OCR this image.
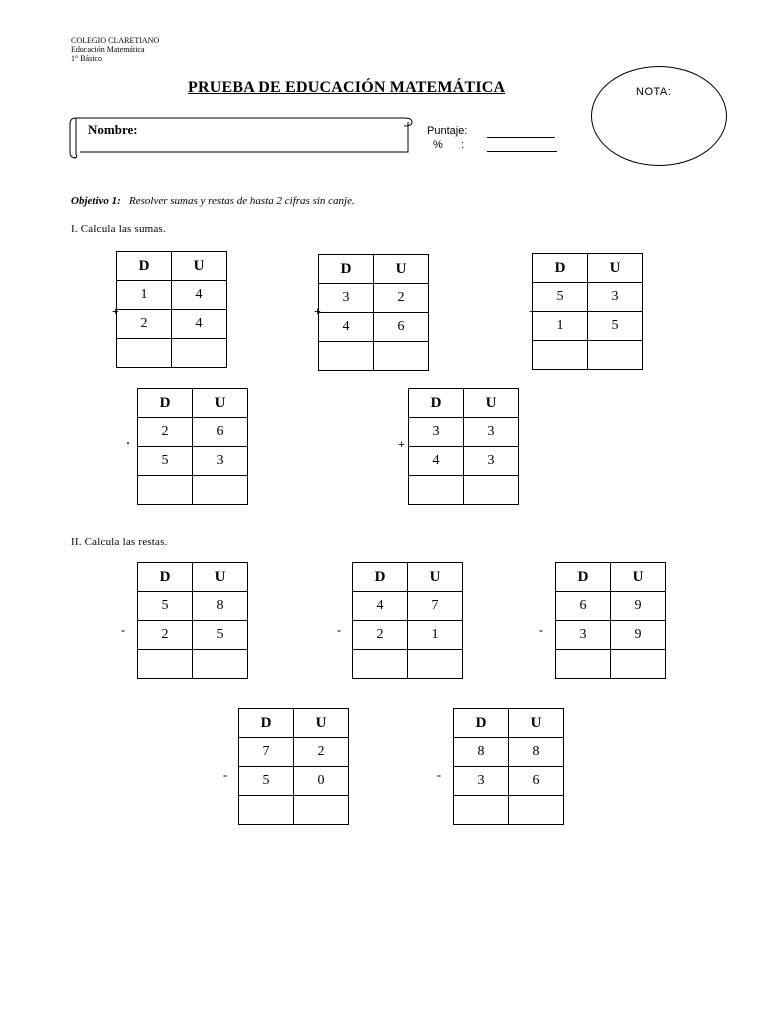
COLEGIO CLARETIANO
Educación Matemática
1° Básico
PRUEBA DE EDUCACIÓN MATEMÁTICA	NOTA:
Nombre:	Puntaje:
%      :
Objetivo 1: Resolver sumas y restas de hasta 2 cifras sin canje.
I. Calcula las sumas.
II. Calcula las restas.
D	U
1	4
2	4

+
D	U
3	2
4	6

+
D	U
5	3
1	5

+
D	U
2	6
5	3

·
D	U
3	3
4	3

+
D	U
5	8
2	5

-
D	U
4	7
2	1

-
D	U
6	9
3	9

-
D	U
7	2
5	0

-
D	U
8	8
3	6

-
